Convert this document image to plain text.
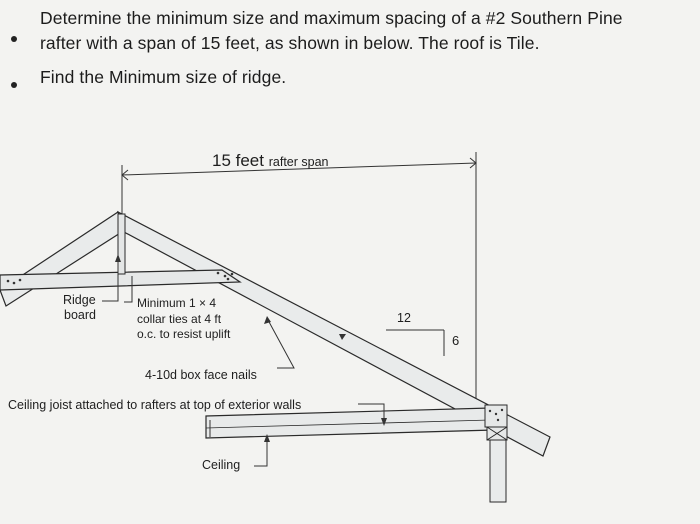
Determine the minimum size and maximum spacing of a #2 Southern Pine
rafter with a span of 15 feet, as shown in below. The roof is Tile.
Find the Minimum size of ridge.
15 feet rafter span
Ridge
board
Minimum 1 × 4
collar ties at 4 ft
o.c. to resist uplift
4-10d box face nails
Ceiling joist attached to rafters at top of exterior walls
Ceiling
12
6
